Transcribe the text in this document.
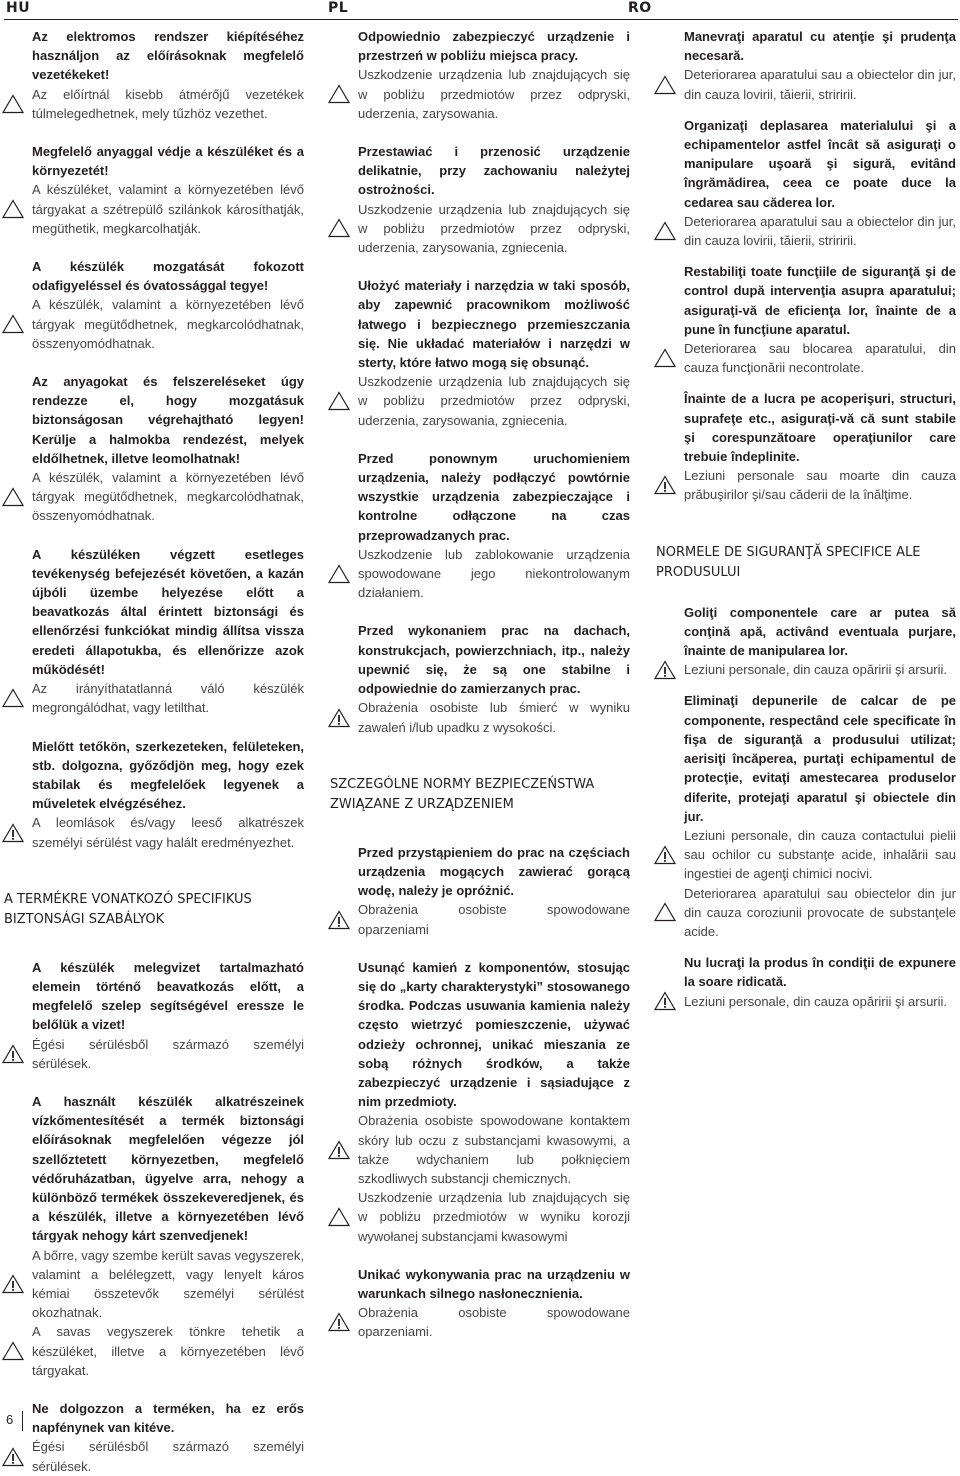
HU	PL	RO

Az elektromos rendszer kiépítéséhez használjon az előírásoknak megfelelő vezetékeket!

Az előírtnál kisebb átmérőjű vezetékek túlmelegedhetnek, mely tűzhöz vezethet.

Megfelelő anyaggal védje a készüléket és a környezetét!

A készüléket, valamint a környezetében lévő tárgyakat a szétrepülő szilánkok károsíthatják, megüthetik, megkarcolhatják.

A készülék mozgatását fokozott odafigyeléssel és óvatossággal tegye!

A készülék, valamint a környezetében lévő tárgyak megütődhetnek, megkarcolódhatnak, összenyomódhatnak.

Az anyagokat és felszereléseket úgy rendezze el, hogy mozgatásuk biztonságosan végrehajtható legyen! Kerülje a halmokba rendezést, melyek eldőlhetnek, illetve leomolhatnak!

A készülék, valamint a környezetében lévő tárgyak megütődhetnek, megkarcolódhatnak, összenyomódhatnak.

A készüléken végzett esetleges tevékenység befejezését követően, a kazán újbóli üzembe helyezése előtt a beavatkozás által érintett biztonsági és ellenőrzési funkciókat mindig állítsa vissza eredeti állapotukba, és ellenőrizze azok működését!

Az irányíthatatlanná váló készülék megrongálódhat, vagy letilthat.

Mielőtt tetőkön, szerkezeteken, felületeken, stb. dolgozna, győződjön meg, hogy ezek stabilak és megfelelőek legyenek a műveletek elvégzéséhez.

A leomlások és/vagy leeső alkatrészek személyi sérülést vagy halált eredményezhet.

A TERMÉKRE VONATKOZÓ SPECIFIKUS BIZTONSÁGI SZABÁLYOK

A készülék melegvizet tartalmazható elemein történő beavatkozás előtt, a megfelelő szelep segítségével eressze le belőlük a vizet!

Égési sérülésből származó személyi sérülések.

A használt készülék alkatrészeinek vízkőmentesítését a termék biztonsági előírásoknak megfelelően végezze jól szellőztetett környezetben, megfelelő védőruházatban, ügyelve arra, nehogy a különböző termékek összekeveredjenek, és a készülék, illetve a környezetében lévő tárgyak nehogy kárt szenvedjenek!

A bőrre, vagy szembe került savas vegyszerek, valamint a belélegzett, vagy lenyelt káros kémiai összetevők személyi sérülést okozhatnak.
A savas vegyszerek tönkre tehetik a készüléket, illetve a környezetében lévő tárgyakat.

Ne dolgozzon a terméken, ha ez erős napfénynek van kitéve.

Égési sérülésből származó személyi sérülések.

Odpowiednio zabezpieczyć urządzenie i przestrzeń w pobliżu miejsca pracy.

Uszkodzenie urządzenia lub znajdujących się w pobliżu przedmiotów przez odpryski, uderzenia, zarysowania.

Przestawiać i przenosić urządzenie delikatnie, przy zachowaniu należytej ostrożności.

Uszkodzenie urządzenia lub znajdujących się w pobliżu przedmiotów przez odpryski, uderzenia, zarysowania, zgniecenia.

Ułożyć materiały i narzędzia w taki sposób, aby zapewnić pracownikom możliwość łatwego i bezpiecznego przemieszczania się. Nie układać materiałów i narzędzi w sterty, które łatwo mogą się obsunąć.

Uszkodzenie urządzenia lub znajdujących się w pobliżu przedmiotów przez odpryski, uderzenia, zarysowania, zgniecenia.

Przed ponownym uruchomieniem urządzenia, należy podłączyć powtórnie wszystkie urządzenia zabezpieczające i kontrolne odłączone na czas przeprowadzanych prac.

Uszkodzenie lub zablokowanie urządzenia spowodowane jego niekontrolowanym działaniem.

Przed wykonaniem prac na dachach, konstrukcjach, powierzchniach, itp., należy upewnić się, że są one stabilne i odpowiednie do zamierzanych prac.

Obrażenia osobiste lub śmierć w wyniku zawaleń i/lub upadku z wysokości.

SZCZEGÓLNE NORMY BEZPIECZEŃSTWA ZWIĄZANE Z URZĄDZENIEM

Przed przystąpieniem do prac na częściach urządzenia mogących zawierać gorącą wodę, należy je opróżnić.

Obrażenia osobiste spowodowane oparzeniami

Usunąć kamień z komponentów, stosując się do „karty charakterystyki” stosowanego środka. Podczas usuwania kamienia należy często wietrzyć pomieszczenie, używać odzieży ochronnej, unikać mieszania ze sobą różnych środków, a także zabezpieczyć urządzenie i sąsiadujące z nim przedmioty.

Obrażenia osobiste spowodowane kontaktem skóry lub oczu z substancjami kwasowymi, a także wdychaniem lub połknięciem szkodliwych substancji chemicznych.
Uszkodzenie urządzenia lub znajdujących się w pobliżu przedmiotów w wyniku korozji wywołanej substancjami kwasowymi

Unikać wykonywania prac na urządzeniu w warunkach silnego nasłonecznienia.

Obrażenia osobiste spowodowane oparzeniami.

Manevraţi aparatul cu atenţie şi prudenţa necesară.

Deteriorarea aparatului sau a obiectelor din jur, din cauza lovirii, tăierii, striririi.

Organizaţi deplasarea materialului şi a echipamentelor astfel încât să asiguraţi o manipulare uşoară şi sigură, evitând îngrămădirea, ceea ce poate duce la cedarea sau căderea lor.

Deteriorarea aparatului sau a obiectelor din jur, din cauza lovirii, tăierii, striririi.

Restabiliţi toate funcţiile de siguranţă şi de control după intervenţia asupra aparatului; asiguraţi-vă de eficienţa lor, înainte de a pune în funcţiune aparatul.

Deteriorarea sau blocarea aparatului, din cauza funcţionării necontrolate.

Înainte de a lucra pe acoperişuri, structuri, suprafeţe etc., asiguraţi-vă că sunt stabile şi corespunzătoare operaţiunilor care trebuie îndeplinite.

Leziuni personale sau moarte din cauza prăbuşirilor şi/sau căderii de la înălţime.

NORMELE DE SIGURANŢĂ SPECIFICE ALE PRODUSULUI

Goliţi componentele care ar putea să conţină apă, activând eventuala purjare, înainte de manipularea lor.

Leziuni personale, din cauza opăririi şi arsurii.

Eliminaţi depunerile de calcar de pe componente, respectând cele specificate în fişa de siguranţă a produsului utilizat; aerisiţi încăperea, purtaţi echipamentul de protecţie, evitaţi amestecarea produselor diferite, protejaţi aparatul şi obiectele din jur.

Leziuni personale, din cauza contactului pielii sau ochilor cu substanţe acide, inhalării sau ingestiei de agenţi chimici nocivi.
Deteriorarea aparatului sau obiectelor din jur din cauza coroziunii provocate de substanţele acide.

Nu lucraţi la produs în condiţii de expunere la soare ridicată.

Leziuni personale, din cauza opăririi şi arsurii.
6
